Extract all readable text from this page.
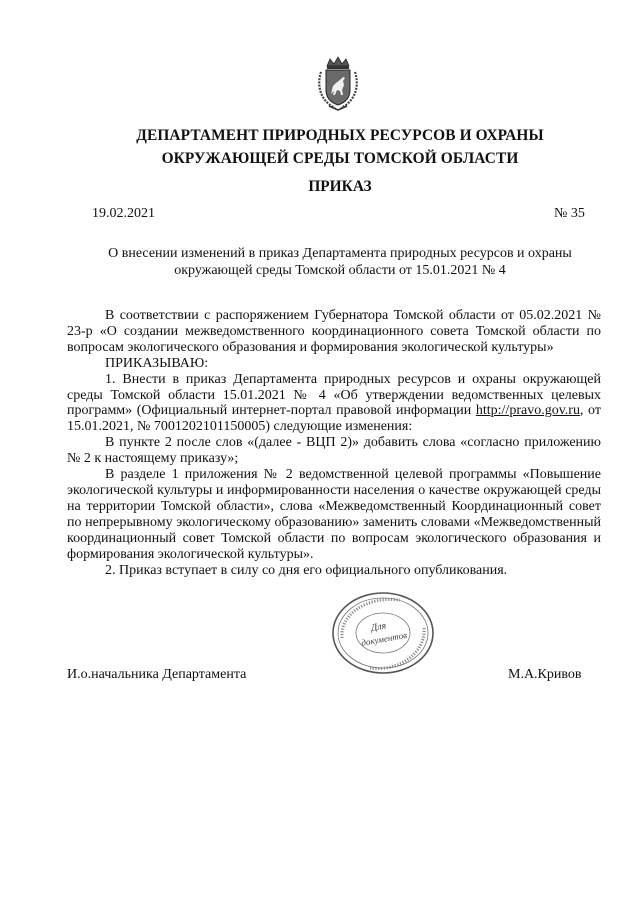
ДЕПАРТАМЕНТ ПРИРОДНЫХ РЕСУРСОВ И ОХРАНЫ
ОКРУЖАЮЩЕЙ СРЕДЫ ТОМСКОЙ ОБЛАСТИ
ПРИКАЗ
19.02.2021	№ 35
О внесении изменений в приказ Департамента природных ресурсов и охраны
окружающей среды Томской области от 15.01.2021 № 4

В соответствии с распоряжением Губернатора Томской области от 05.02.2021 № 23-р «О создании межведомственного координационного совета Томской области по вопросам экологического образования и формирования экологической культуры»

ПРИКАЗЫВАЮ:

1. Внести в приказ Департамента природных ресурсов и охраны окружающей среды Томской области 15.01.2021 № 4 «Об утверждении ведомственных целевых программ» (Официальный интернет-портал правовой информации http://pravo.gov.ru, от 15.01.2021, № 7001202101150005) следующие изменения:

В пункте 2 после слов «(далее - ВЦП 2)» добавить слова «согласно приложению № 2 к настоящему приказу»;

В разделе 1 приложения № 2 ведомственной целевой программы «Повышение экологической культуры и информированности населения о качестве окружающей среды на территории Томской области», слова «Межведомственный Координационный совет по непрерывному экологическому образованию» заменить словами «Межведомственный координационный совет Томской области по вопросам экологического образования и формирования экологической культуры».

2. Приказ вступает в силу со дня его официального опубликования.

Для
документов
И.о.начальника Департамента	М.А.Кривов
